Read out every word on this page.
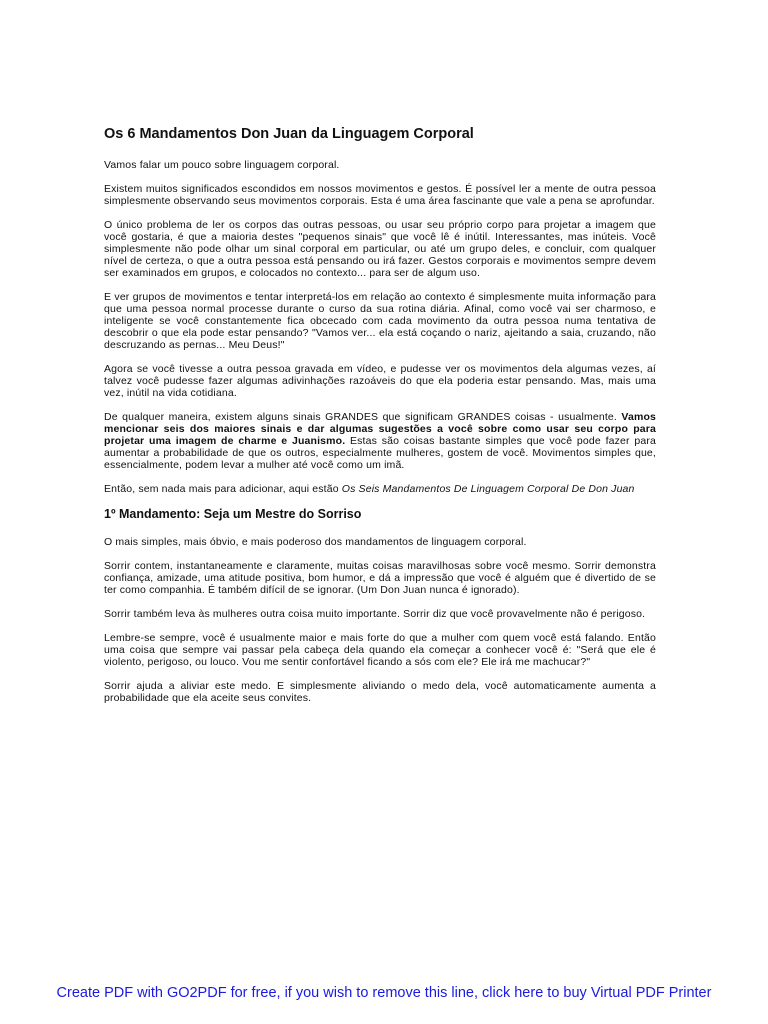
Os 6 Mandamentos Don Juan da Linguagem Corporal

Vamos falar um pouco sobre linguagem corporal.

Existem muitos significados escondidos em nossos movimentos e gestos. É possível ler a mente de outra pessoa simplesmente observando seus movimentos corporais. Esta é uma área fascinante que vale a pena se aprofundar.

O único problema de ler os corpos das outras pessoas, ou usar seu próprio corpo para projetar a imagem que você gostaria, é que a maioria destes "pequenos sinais" que você lê é inútil. Interessantes, mas inúteis. Você simplesmente não pode olhar um sinal corporal em particular, ou até um grupo deles, e concluir, com qualquer nível de certeza, o que a outra pessoa está pensando ou irá fazer. Gestos corporais e movimentos sempre devem ser examinados em grupos, e colocados no contexto... para ser de algum uso.

E ver grupos de movimentos e tentar interpretá-los em relação ao contexto é simplesmente muita informação para que uma pessoa normal processe durante o curso da sua rotina diária. Afinal, como você vai ser charmoso, e inteligente se você constantemente fica obcecado com cada movimento da outra pessoa numa tentativa de descobrir o que ela pode estar pensando? "Vamos ver... ela está coçando o nariz, ajeitando a saia, cruzando, não descruzando as pernas... Meu Deus!"

Agora se você tivesse a outra pessoa gravada em vídeo, e pudesse ver os movimentos dela algumas vezes, aí talvez você pudesse fazer algumas adivinhações razoáveis do que ela poderia estar pensando. Mas, mais uma vez, inútil na vida cotidiana.

De qualquer maneira, existem alguns sinais GRANDES que significam GRANDES coisas - usualmente. Vamos mencionar seis dos maiores sinais e dar algumas sugestões a você sobre como usar seu corpo para projetar uma imagem de charme e Juanismo. Estas são coisas bastante simples que você pode fazer para aumentar a probabilidade de que os outros, especialmente mulheres, gostem de você. Movimentos simples que, essencialmente, podem levar a mulher até você como um imã.

Então, sem nada mais para adicionar, aqui estão Os Seis Mandamentos De Linguagem Corporal De Don Juan

1º Mandamento: Seja um Mestre do Sorriso

O mais simples, mais óbvio, e mais poderoso dos mandamentos de linguagem corporal.

Sorrir contem, instantaneamente e claramente, muitas coisas maravilhosas sobre você mesmo. Sorrir demonstra confiança, amizade, uma atitude positiva, bom humor, e dá a impressão que você é alguém que é divertido de se ter como companhia. É também difícil de se ignorar. (Um Don Juan nunca é ignorado).

Sorrir também leva às mulheres outra coisa muito importante. Sorrir diz que você provavelmente não é perigoso.

Lembre-se sempre, você é usualmente maior e mais forte do que a mulher com quem você está falando. Então uma coisa que sempre vai passar pela cabeça dela quando ela começar a conhecer você é: "Será que ele é violento, perigoso, ou louco. Vou me sentir confortável ficando a sós com ele? Ele irá me machucar?"

Sorrir ajuda a aliviar este medo. E simplesmente aliviando o medo dela, você automaticamente aumenta a probabilidade que ela aceite seus convites.

Create PDF with GO2PDF for free, if you wish to remove this line, click here to buy Virtual PDF Printer
